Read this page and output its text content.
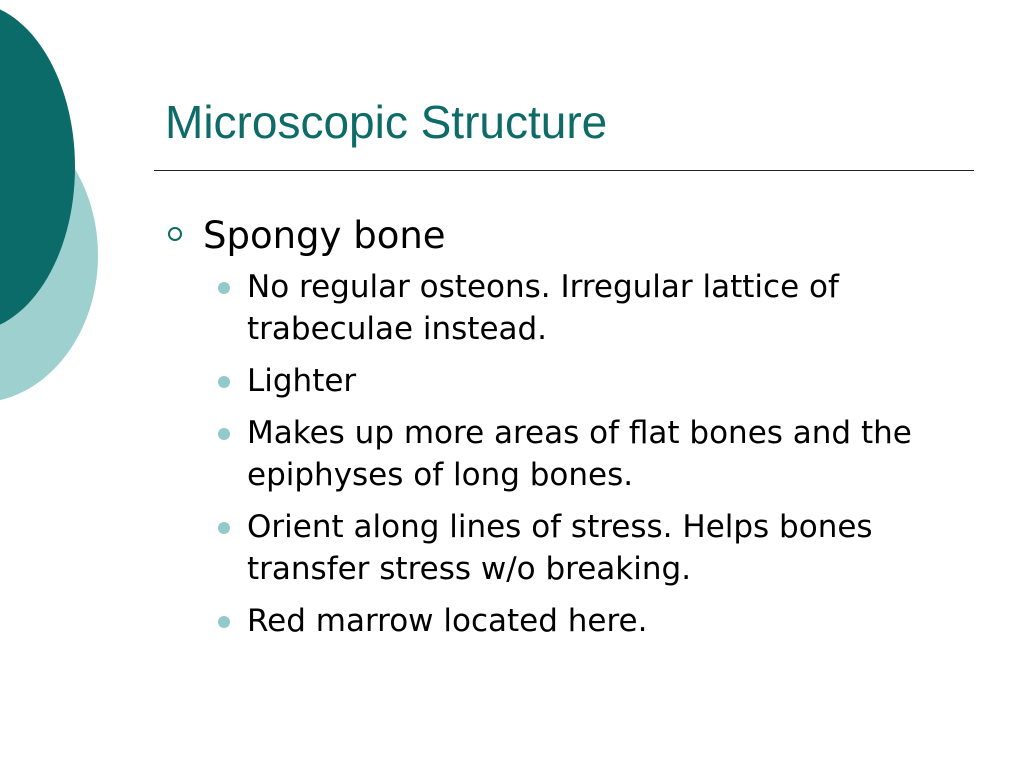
Microscopic Structure
Spongy bone
No regular osteons. Irregular lattice of trabeculae instead.
Lighter
Makes up more areas of flat bones and the epiphyses of long bones.
Orient along lines of stress. Helps bones transfer stress w/o breaking.
Red marrow located here.
